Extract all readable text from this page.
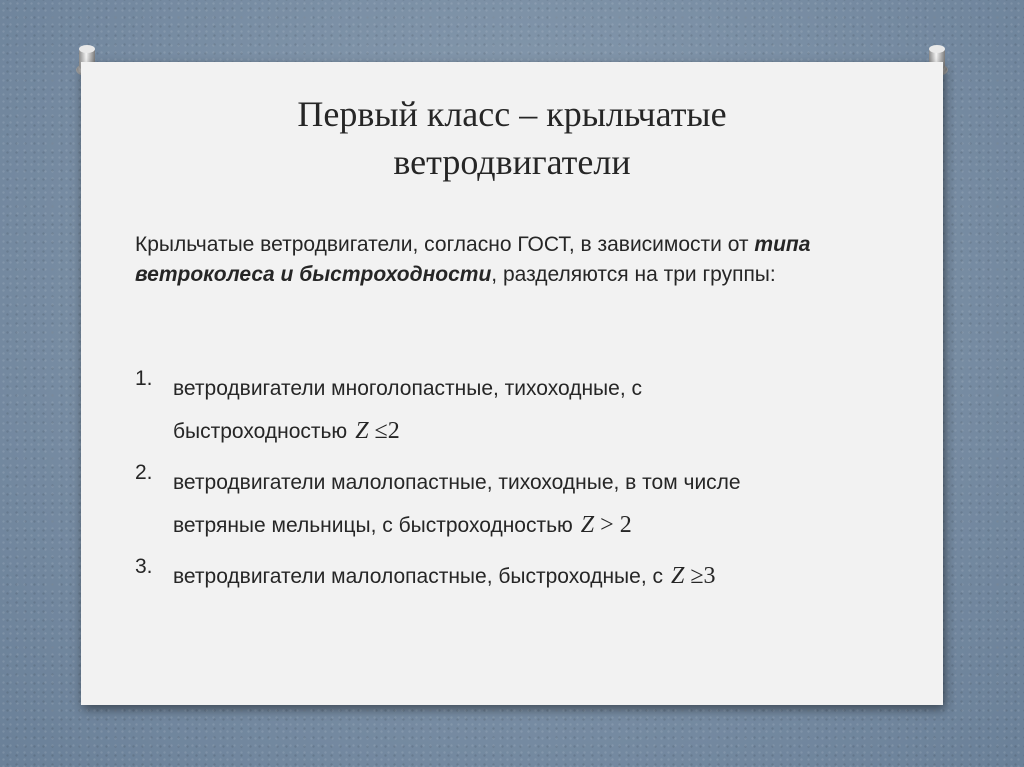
Первый класс – крыльчатые
ветродвигатели

Крыльчатые ветродвигатели, согласно ГОСТ, в зависимости от типа ветроколеса и быстроходности, разделяются на три группы:

1. ветродвигатели многолопастные, тихоходные, с
быстроходностью Z ≤2
2. ветродвигатели малолопастные, тихоходные, в том числе
ветряные мельницы, с быстроходностью Z > 2
3. ветродвигатели малолопастные, быстроходные, с Z ≥3
